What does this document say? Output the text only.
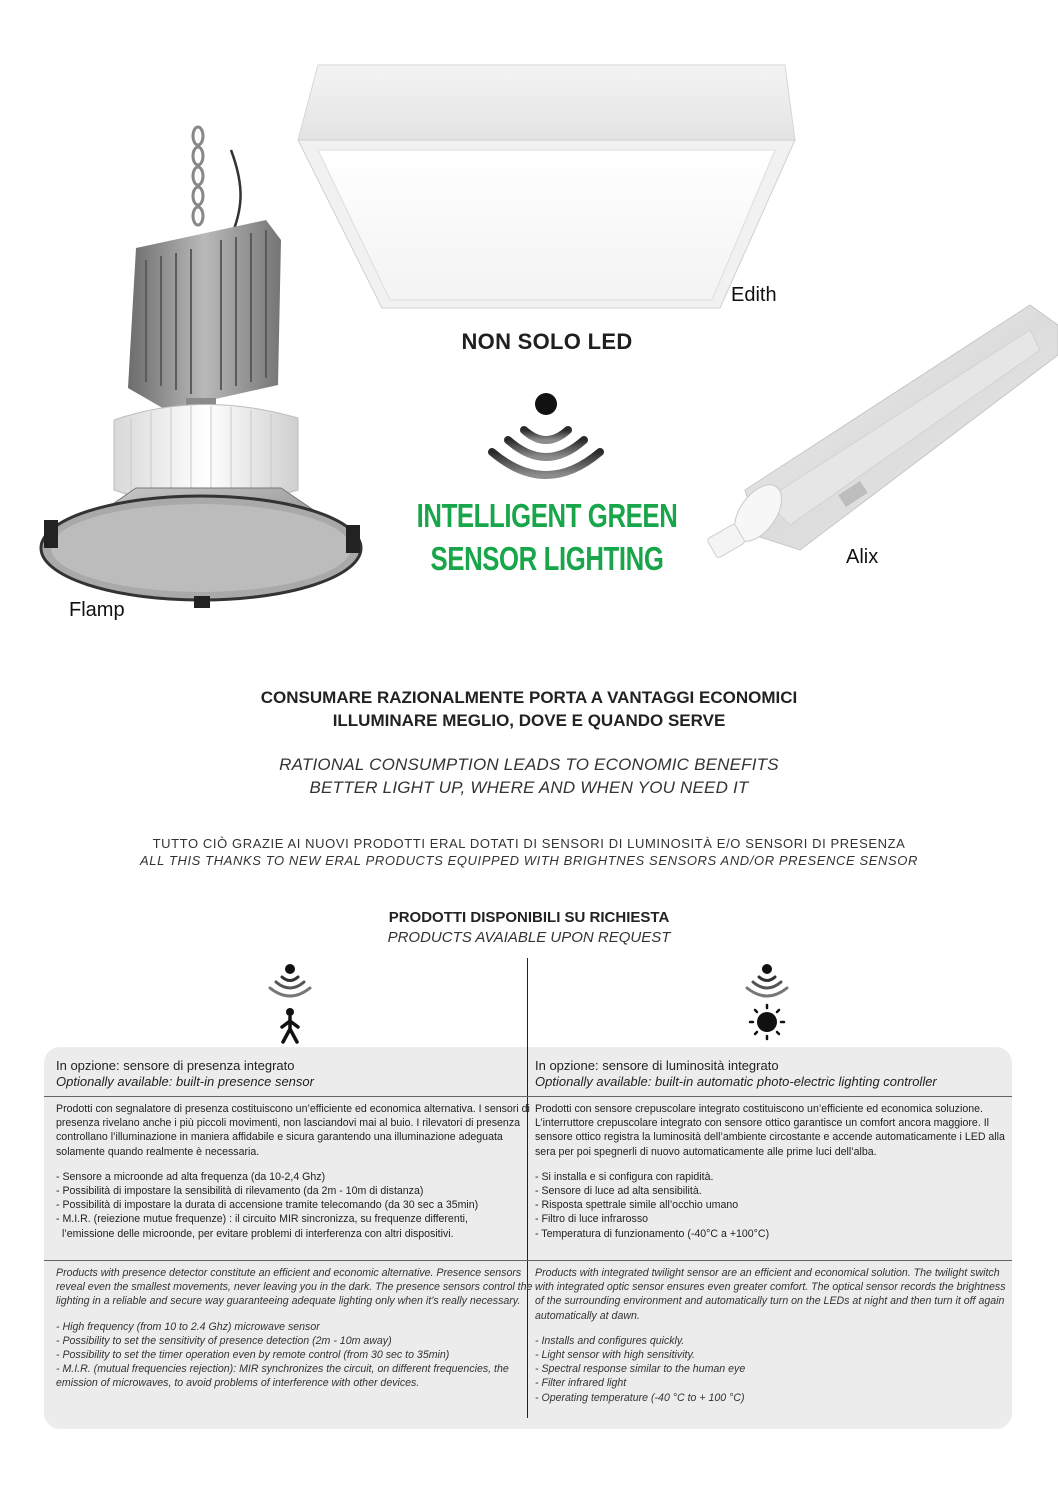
Edith
Flamp
Alix
NON SOLO LED
INTELLIGENT GREEN
SENSOR LIGHTING
CONSUMARE RAZIONALMENTE PORTA A VANTAGGI ECONOMICI
ILLUMINARE MEGLIO, DOVE E QUANDO SERVE
RATIONAL CONSUMPTION LEADS TO ECONOMIC BENEFITS
BETTER LIGHT UP, WHERE AND WHEN YOU NEED IT
TUTTO CIÒ GRAZIE AI NUOVI PRODOTTI ERAL DOTATI DI SENSORI DI LUMINOSITÀ E/O SENSORI DI PRESENZA
ALL THIS THANKS TO NEW ERAL PRODUCTS EQUIPPED WITH BRIGHTNES SENSORS AND/OR PRESENCE SENSOR
PRODOTTI DISPONIBILI SU RICHIESTA
PRODUCTS AVAIABLE UPON REQUEST
In opzione: sensore di presenza integrato
Optionally available: built-in presence sensor
In opzione: sensore di luminosità integrato
Optionally available: built-in automatic photo-electric lighting controller

Prodotti con segnalatore di presenza costituiscono un’efficiente ed economica alternativa. I sensori di presenza rivelano anche i più piccoli movimenti, non lasciandovi mai al buio. I rilevatori di presenza controllano l’illuminazione in maniera affidabile e sicura garantendo una illuminazione adeguata solamente quando realmente è necessaria.

- Sensore a microonde ad alta frequenza (da 10-2,4 Ghz)
- Possibilità di impostare la sensibilità di rilevamento (da 2m - 10m di distanza)
- Possibilità di impostare la durata di accensione tramite telecomando (da 30 sec a 35min)
- M.I.R. (reiezione mutue frequenze) : il circuito MIR sincronizza, su frequenze differenti,
l’emissione delle microonde, per evitare problemi di interferenza con altri dispositivi.

Prodotti con sensore crepuscolare integrato costituiscono un’efficiente ed economica soluzione. L’interruttore crepuscolare integrato con sensore ottico garantisce un comfort ancora maggiore. Il sensore ottico registra la luminosità dell’ambiente circostante e accende automaticamente i LED alla sera per poi spegnerli di nuovo automaticamente alle prime luci dell’alba.

- Si installa e si configura con rapidità.
- Sensore di luce ad alta sensibilità.
- Risposta spettrale simile all’occhio umano
- Filtro di luce infrarosso
- Temperatura di funzionamento (-40°C a +100°C)

Products with presence detector constitute an efficient and economic alternative. Presence sensors reveal even the smallest movements, never leaving you in the dark. The presence sensors control the lighting in a reliable and secure way guaranteeing adequate lighting only when it’s really necessary.

- High frequency (from 10 to 2.4 Ghz) microwave sensor
- Possibility to set the sensitivity of presence detection (2m - 10m away)
- Possibility to set the timer operation even by remote control (from 30 sec to 35min)
- M.I.R. (mutual frequencies rejection): MIR synchronizes the circuit, on different frequencies, the emission of microwaves, to avoid problems of interference with other devices.

Products with integrated twilight sensor are an efficient and economical solution. The twilight switch with integrated optic sensor ensures even greater comfort. The optical sensor records the brightness of the surrounding environment and automatically turn on the LEDs at night and then turn it off again automatically at dawn.

- Installs and configures quickly.
- Light sensor with high sensitivity.
- Spectral response similar to the human eye
- Filter infrared light
- Operating temperature (-40 °C to + 100 °C)
